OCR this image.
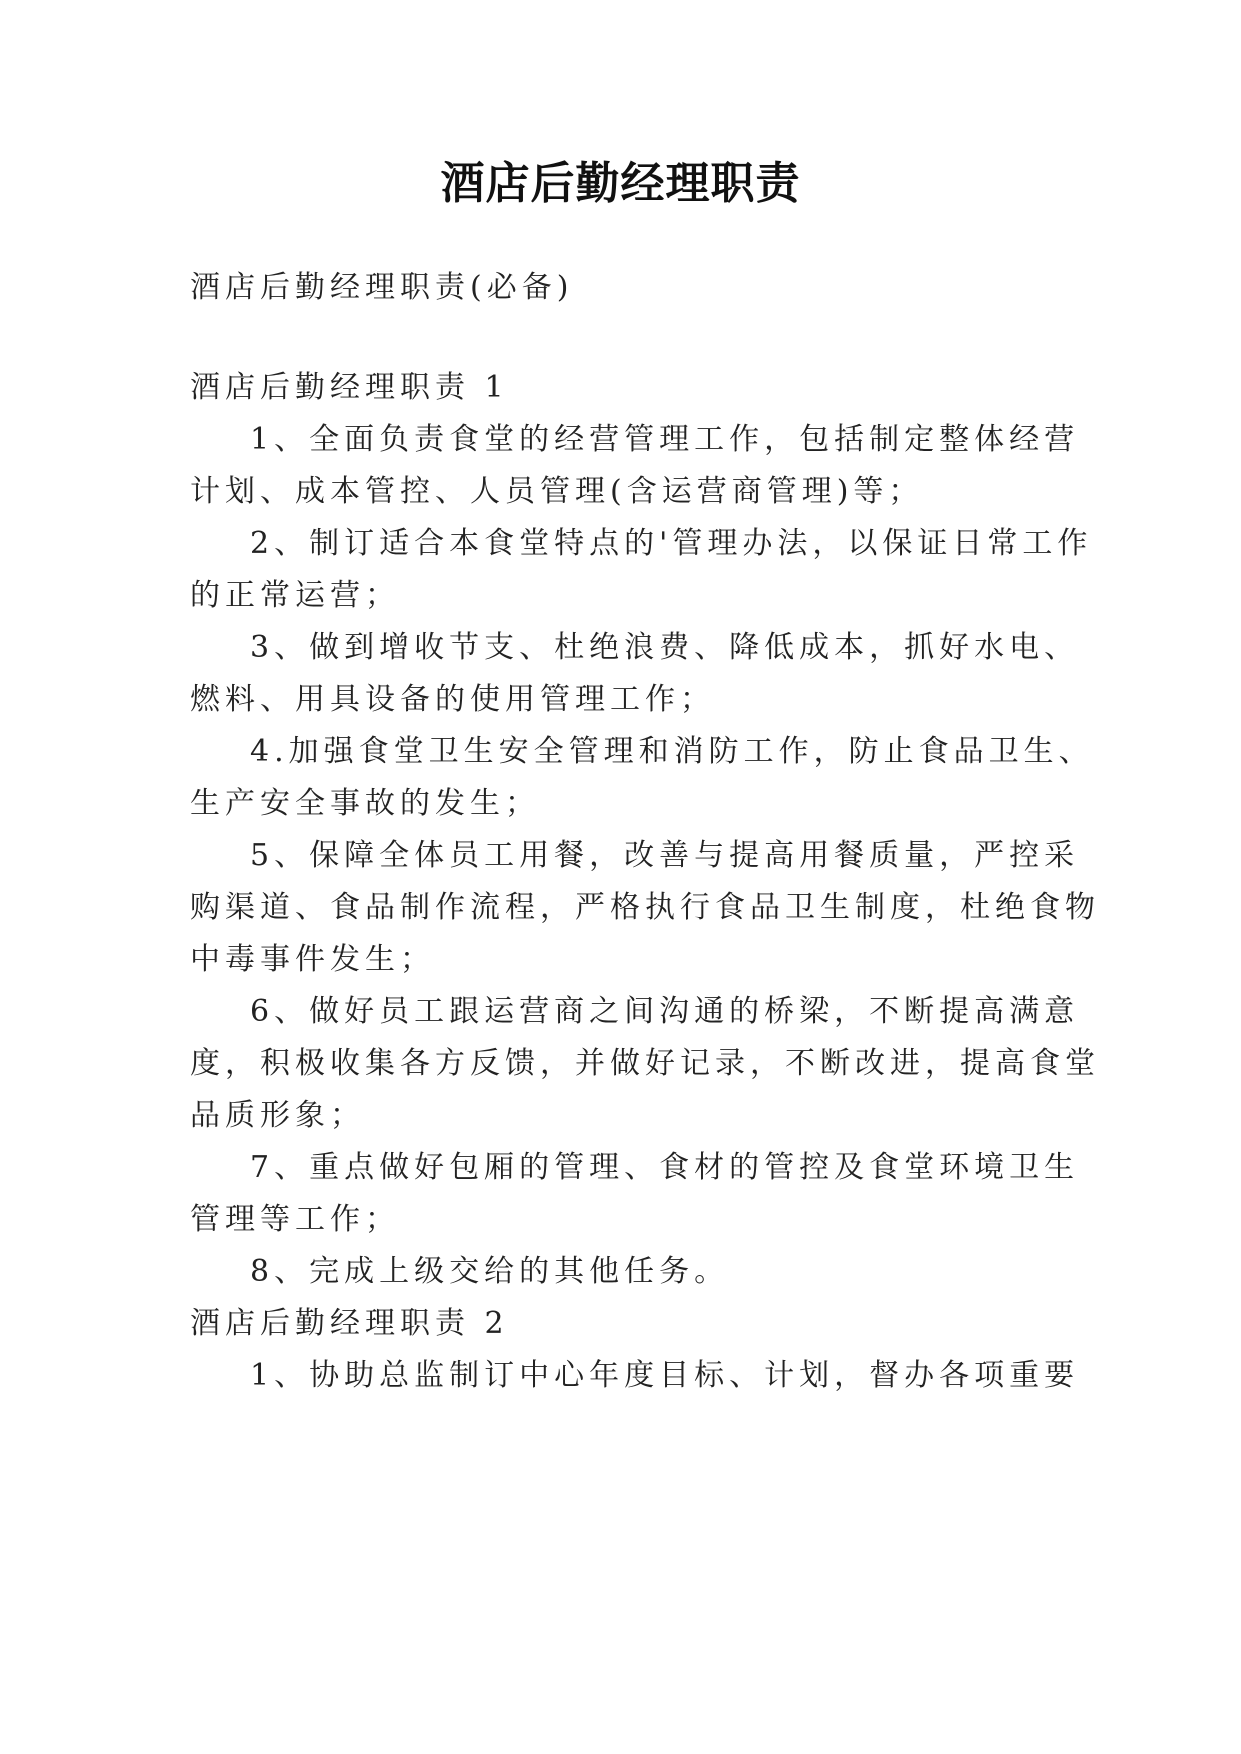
酒店后勤经理职责
酒店后勤经理职责(必备)
酒店后勤经理职责 1
1、全面负责食堂的经营管理工作，包括制定整体经营
计划、成本管控、人员管理(含运营商管理)等；
2、制订适合本食堂特点的'管理办法，以保证日常工作
的正常运营；
3、做到增收节支、杜绝浪费、降低成本，抓好水电、
燃料、用具设备的使用管理工作；
4.加强食堂卫生安全管理和消防工作，防止食品卫生、
生产安全事故的发生；
5、保障全体员工用餐，改善与提高用餐质量，严控采
购渠道、食品制作流程，严格执行食品卫生制度，杜绝食物
中毒事件发生；
6、做好员工跟运营商之间沟通的桥梁，不断提高满意
度，积极收集各方反馈，并做好记录，不断改进，提高食堂
品质形象；
7、重点做好包厢的管理、食材的管控及食堂环境卫生
管理等工作；
8、完成上级交给的其他任务。
酒店后勤经理职责 2
1、协助总监制订中心年度目标、计划，督办各项重要
